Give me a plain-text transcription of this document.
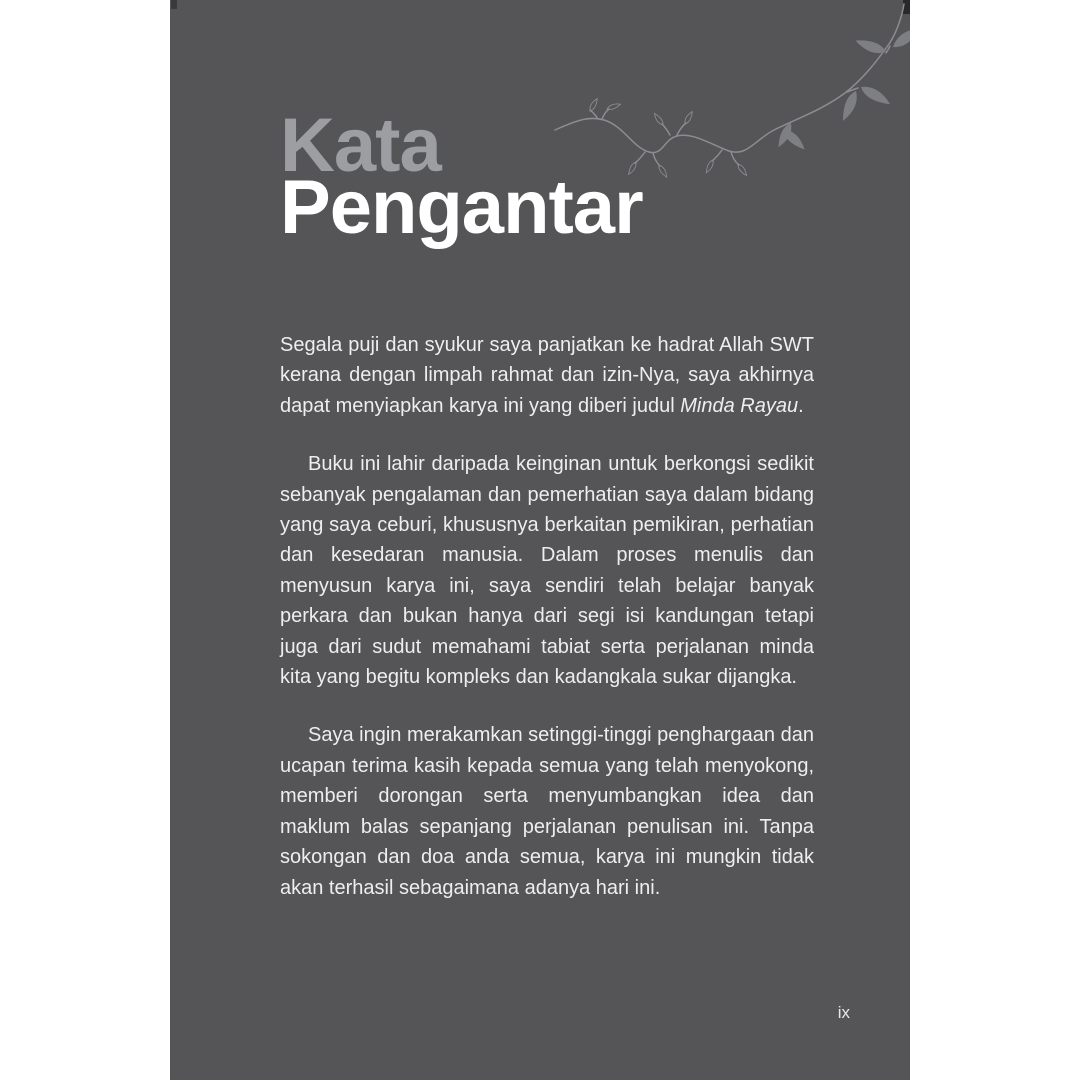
Kata
Pengantar

Segala puji dan syukur saya panjatkan ke hadrat Allah SWT kerana dengan limpah rahmat dan izin-Nya, saya akhirnya dapat menyiapkan karya ini yang diberi judul Minda Rayau.

Buku ini lahir daripada keinginan untuk berkongsi sedikit sebanyak pengalaman dan pemerhatian saya dalam bidang yang saya ceburi, khususnya berkaitan pemikiran, perhatian dan kesedaran manusia. Dalam proses menulis dan menyusun karya ini, saya sendiri telah belajar banyak perkara dan bukan hanya dari segi isi kandungan tetapi juga dari sudut memahami tabiat serta perjalanan minda kita yang begitu kompleks dan kadangkala sukar dijangka.

Saya ingin merakamkan setinggi-tinggi penghargaan dan ucapan terima kasih kepada semua yang telah menyokong, memberi dorongan serta menyumbangkan idea dan maklum balas sepanjang perjalanan penulisan ini. Tanpa sokongan dan doa anda semua, karya ini mungkin tidak akan terhasil sebagaimana adanya hari ini.

ix
